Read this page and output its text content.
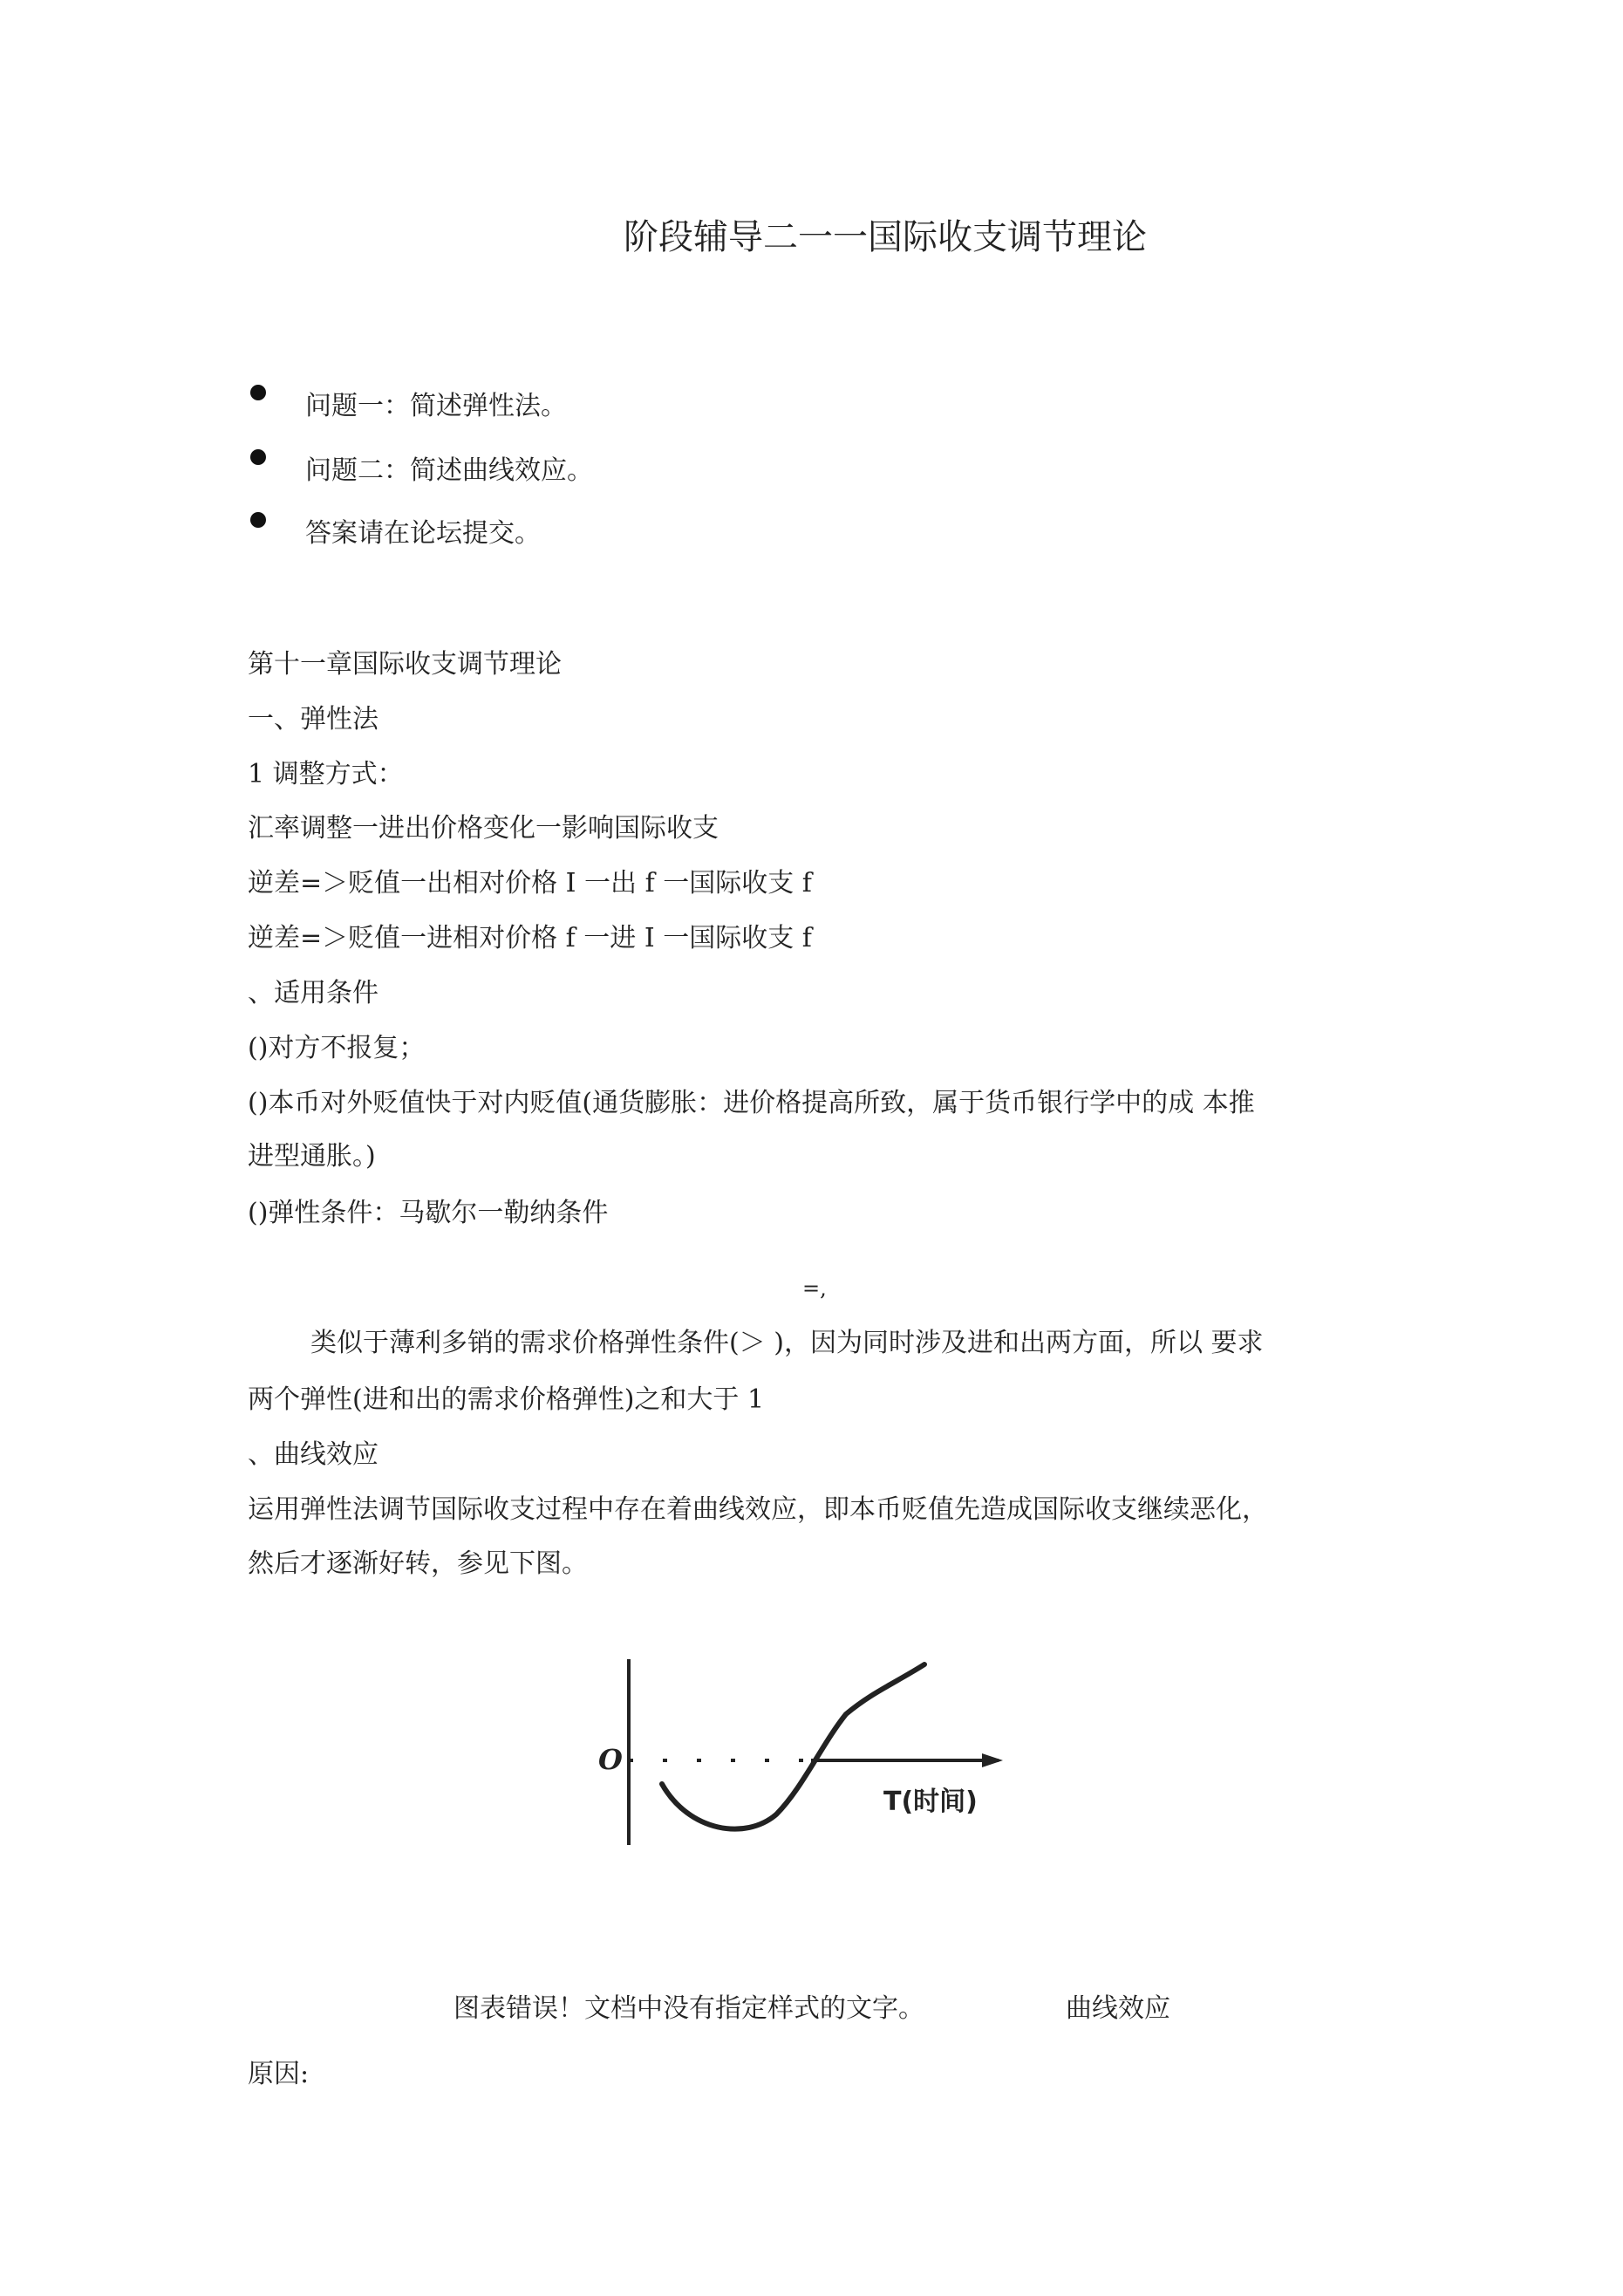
阶段辅导二一一国际收支调节理论
问题一：简述弹性法。
问题二：简述曲线效应。
答案请在论坛提交。
第十一章国际收支调节理论
一、弹性法
1 调整方式：
汇率调整一进出价格变化一影响国际收支
逆差=＞贬值一出相对价格 I 一出 f 一国际收支 f
逆差=＞贬值一进相对价格 f 一进 I 一国际收支 f
、适用条件
()对方不报复；
()本币对外贬值快于对内贬值(通货膨胀：进价格提高所致，属于货币银行学中的成 本推
进型通胀。)
()弹性条件：马歇尔一勒纳条件
=,
类似于薄利多销的需求价格弹性条件(＞ )，因为同时涉及进和出两方面，所以 要求
两个弹性(进和出的需求价格弹性)之和大于 1
、曲线效应
运用弹性法调节国际收支过程中存在着曲线效应，即本币贬值先造成国际收支继续恶化，
然后才逐渐好转，参见下图。
O
T(时间)
图表错误！文档中没有指定样式的文字。	曲线效应
原因:
